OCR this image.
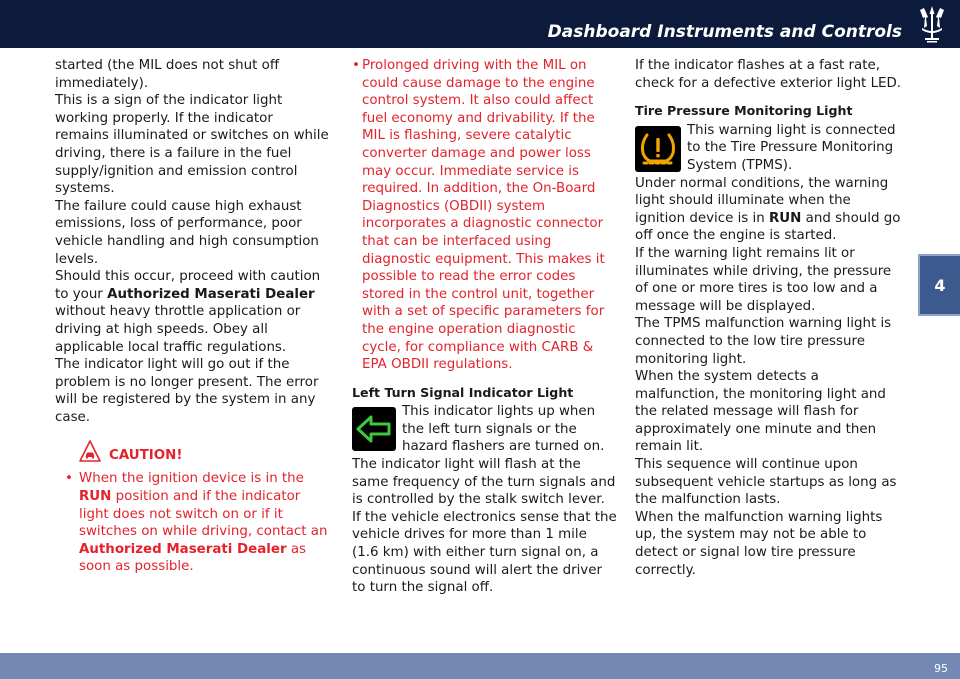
Dashboard Instruments and Controls
4

started (the MIL does not shut off immediately).

This is a sign of the indicator light working properly. If the indicator remains illuminated or switches on while driving, there is a failure in the fuel supply/ignition and emission control systems.

The failure could cause high exhaust emissions, loss of performance, poor vehicle handling and high consumption levels.

Should this occur, proceed with caution to your Authorized Maserati Dealer without heavy throttle application or driving at high speeds. Obey all applicable local traffic regulations.

The indicator light will go out if the problem is no longer present. The error will be registered by the system in any case.

CAUTION!
• When the ignition device is in the RUN position and if the indicator light does not switch on or if it switches on while driving, contact an Authorized Maserati Dealer as soon as possible.
• Prolonged driving with the MIL on could cause damage to the engine control system. It also could affect fuel economy and drivability. If the MIL is flashing, severe catalytic converter damage and power loss may occur. Immediate service is required. In addition, the On-Board Diagnostics (OBDII) system incorporates a diagnostic connector that can be interfaced using diagnostic equipment. This makes it possible to read the error codes stored in the control unit, together with a set of specific parameters for the engine operation diagnostic cycle, for compliance with CARB & EPA OBDII regulations.
Left Turn Signal Indicator Light

This indicator lights up when the left turn signals or the hazard flashers are turned on. The indicator light will flash at the same frequency of the turn signals and is controlled by the stalk switch lever.

If the vehicle electronics sense that the vehicle drives for more than 1 mile (1.6 km) with either turn signal on, a continuous sound will alert the driver to turn the signal off.

If the indicator flashes at a fast rate, check for a defective exterior light LED.

Tire Pressure Monitoring Light

This warning light is connected to the Tire Pressure Monitoring System (TPMS).

Under normal conditions, the warning light should illuminate when the ignition device is in RUN and should go off once the engine is started.

If the warning light remains lit or illuminates while driving, the pressure of one or more tires is too low and a message will be displayed.

The TPMS malfunction warning light is connected to the low tire pressure monitoring light.

When the system detects a malfunction, the monitoring light and the related message will flash for approximately one minute and then remain lit.

This sequence will continue upon subsequent vehicle startups as long as the malfunction lasts.

When the malfunction warning lights up, the system may not be able to detect or signal low tire pressure correctly.

95
